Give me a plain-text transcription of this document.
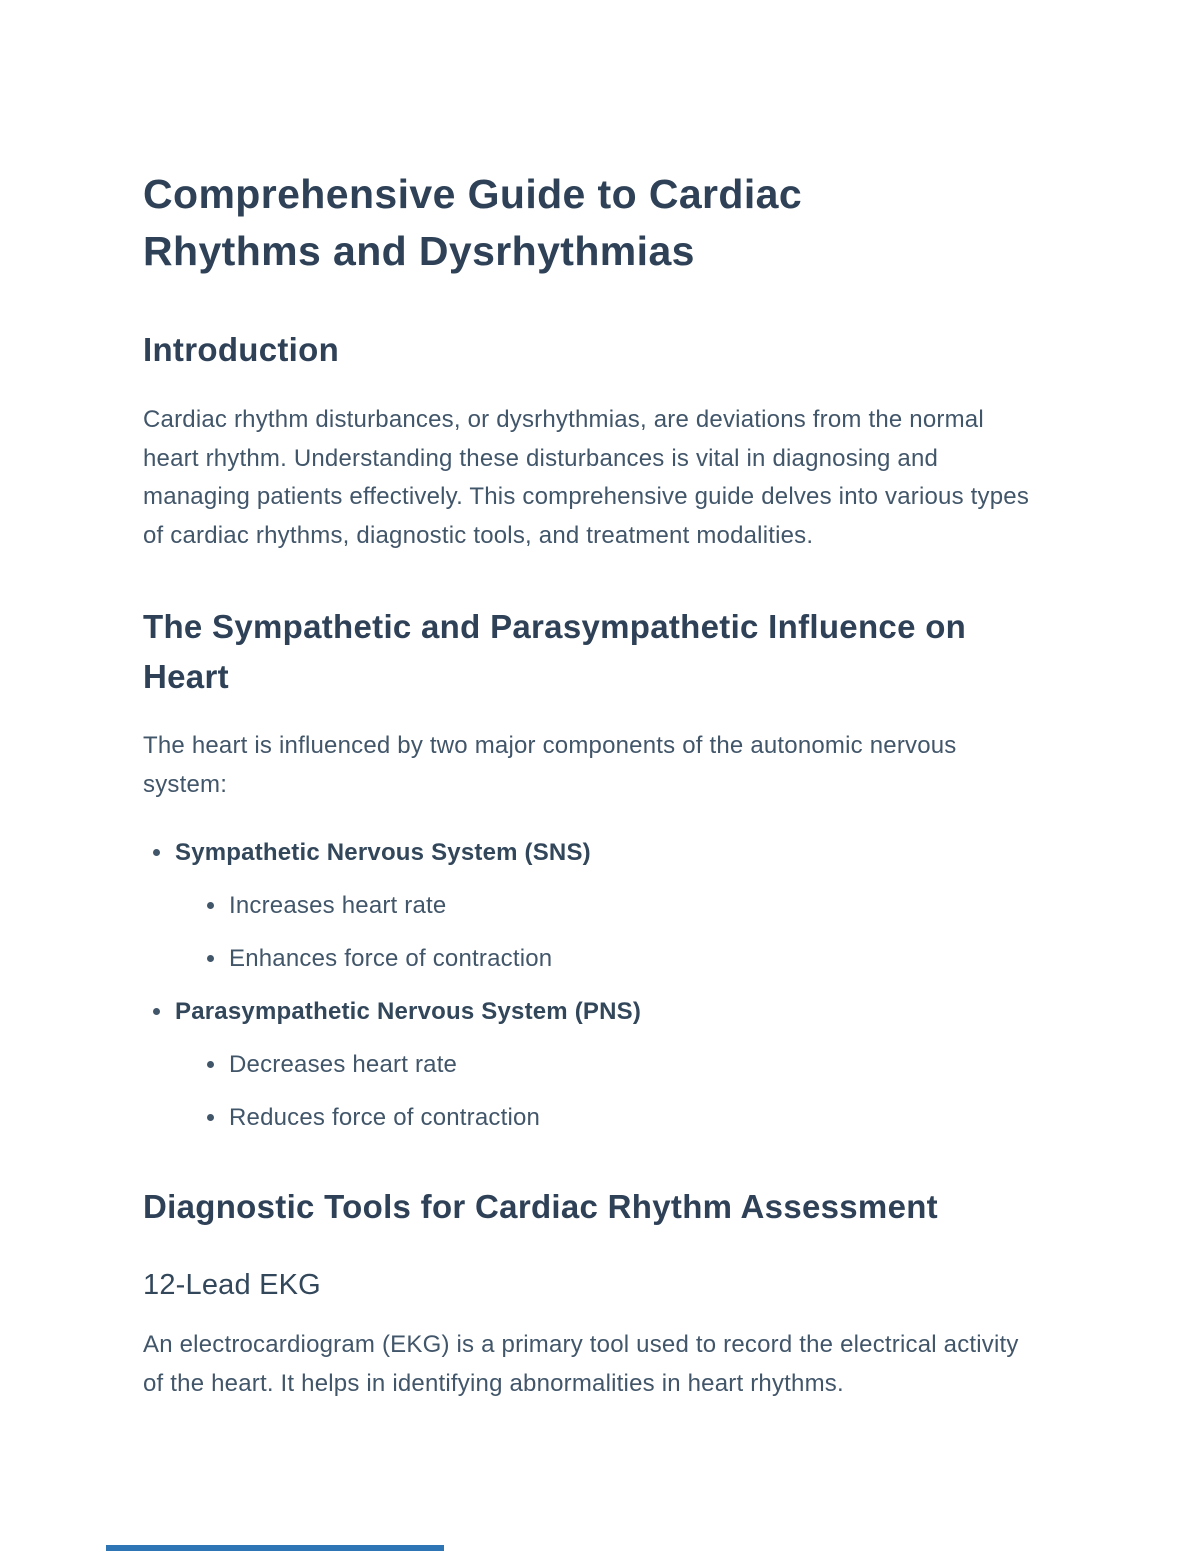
Comprehensive Guide to Cardiac Rhythms and Dysrhythmias
Introduction

Cardiac rhythm disturbances, or dysrhythmias, are deviations from the normal heart rhythm. Understanding these disturbances is vital in diagnosing and managing patients effectively. This comprehensive guide delves into various types of cardiac rhythms, diagnostic tools, and treatment modalities.

The Sympathetic and Parasympathetic Influence on Heart

The heart is influenced by two major components of the autonomic nervous system:

Sympathetic Nervous System (SNS)
Increases heart rate
Enhances force of contraction
Parasympathetic Nervous System (PNS)
Decreases heart rate
Reduces force of contraction
Diagnostic Tools for Cardiac Rhythm Assessment
12-Lead EKG

An electrocardiogram (EKG) is a primary tool used to record the electrical activity of the heart. It helps in identifying abnormalities in heart rhythms.
